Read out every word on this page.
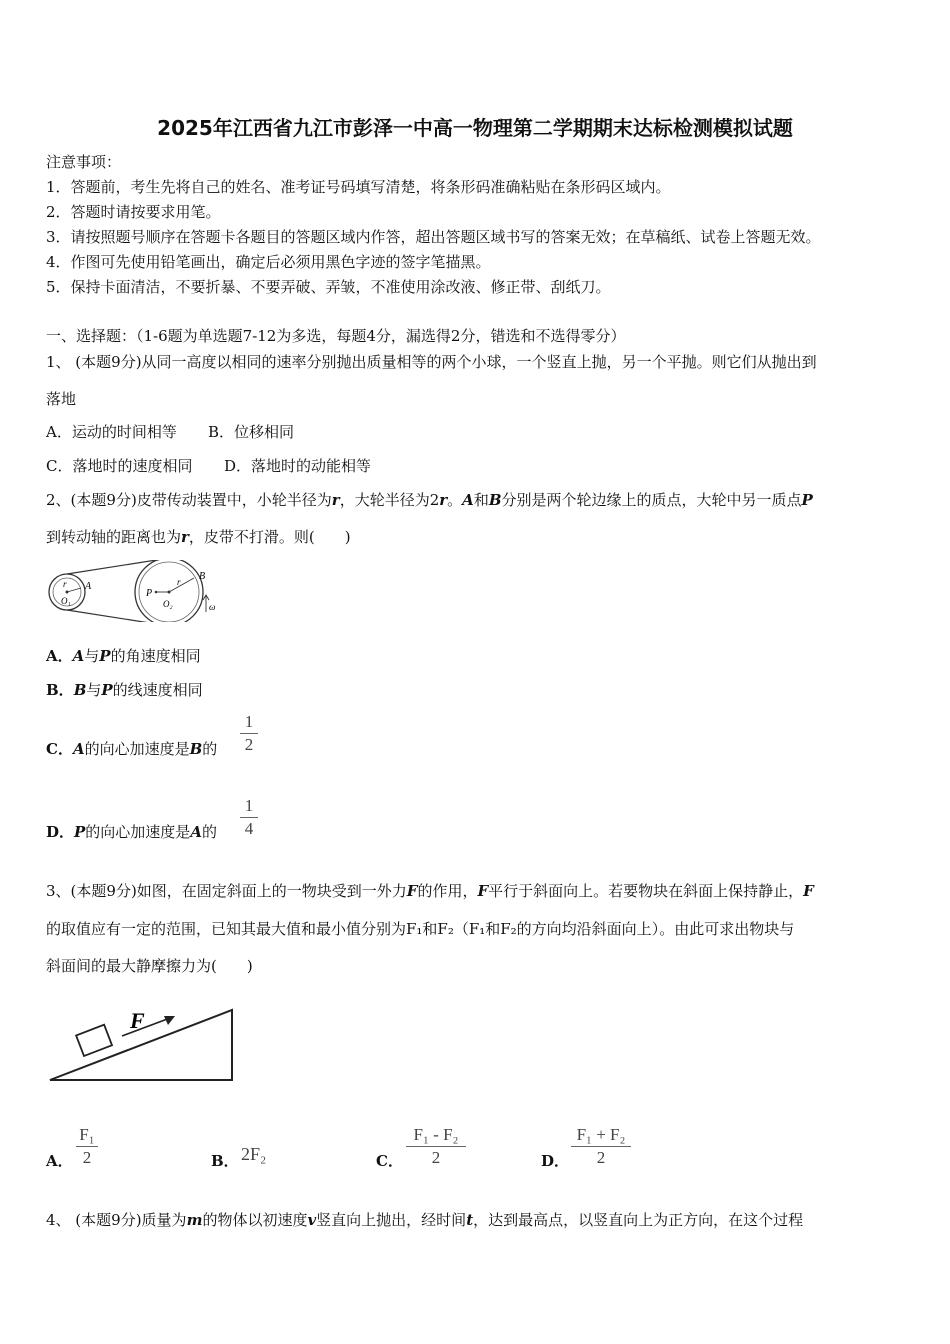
2025年江西省九江市彭泽一中高一物理第二学期期末达标检测模拟试题
注意事项：
1．答题前，考生先将自己的姓名、准考证号码填写清楚，将条形码准确粘贴在条形码区域内。
2．答题时请按要求用笔。
3．请按照题号顺序在答题卡各题目的答题区域内作答，超出答题区域书写的答案无效；在草稿纸、试卷上答题无效。
4．作图可先使用铅笔画出，确定后必须用黑色字迹的签字笔描黑。
5．保持卡面清洁，不要折暴、不要弄破、弄皱，不准使用涂改液、修正带、刮纸刀。
一、选择题：（1-6题为单选题7-12为多选，每题4分，漏选得2分，错选和不选得零分）
1、 (本题9分)从同一高度以相同的速率分别抛出质量相等的两个小球，一个竖直上抛，另一个平抛。则它们从抛出到
落地
A．运动的时间相等 B．位移相同
C．落地时的速度相同 D．落地时的动能相等
2、(本题9分)皮带传动装置中，小轮半径为r，大轮半径为2r。A和B分别是两个轮边缘上的质点，大轮中另一质点P
到转动轴的距离也为r，皮带不打滑。则(　　)
r A
O₁
r B
P
O₂	ω
A．A与P的角速度相同
B．B与P的线速度相同
C．A的向心加速度是B的
1
2
D．P的向心加速度是A的
1
4
3、(本题9分)如图，在固定斜面上的一物块受到一外力F的作用，F平行于斜面向上。若要物块在斜面上保持静止，F
的取值应有一定的范围，已知其最大值和最小值分别为F₁和F₂（F₁和F₂的方向均沿斜面向上）。由此可求出物块与
斜面间的最大静摩擦力为(　　)
F
A．
F₁
2	B． 2F₂	C．
F₁ - F₂
2	D．
F₁ + F₂
2
4、 (本题9分)质量为m的物体以初速度v竖直向上抛出，经时间t，达到最高点，以竖直向上为正方向，在这个过程
